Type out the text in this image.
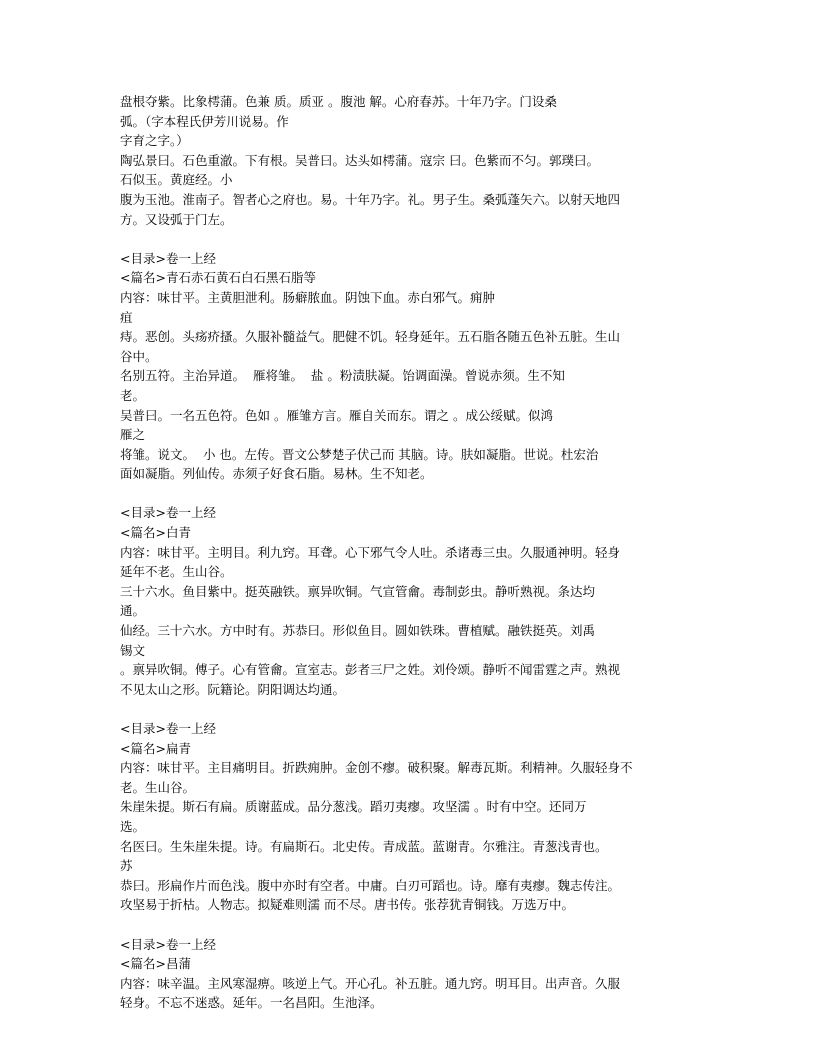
盘根夺紫。比象樗蒲。色兼 质。质亚 。腹池 解。心府春苏。十年乃字。门设桑
弧。（字本程氏伊芳川说易。作
字育之字。）
陶弘景曰。石色重澈。下有根。吴普曰。达头如樗蒲。寇宗 曰。色紫而不匀。郭璞曰。
石似玉。黄庭经。小
腹为玉池。淮南子。智者心之府也。易。十年乃字。礼。男子生。桑弧蓬矢六。以射天地四
方。又设弧于门左。
<目录>卷一上经
<篇名>青石赤石黄石白石黑石脂等
内容：味甘平。主黄胆泄利。肠癖脓血。阴蚀下血。赤白邪气。痈肿
疽
痔。恶创。头疡疥搔。久服补髓益气。肥健不饥。轻身延年。五石脂各随五色补五脏。生山
谷中。
名别五符。主治异道。  雁将雏。  盐 。粉渍肤凝。饴调面澡。曾说赤须。生不知
老。
吴普曰。一名五色符。色如 。雁雏方言。雁自关而东。谓之 。成公绥赋。似鸿
雁之
将雏。说文。  小 也。左传。晋文公梦楚子伏己而 其脑。诗。肤如凝脂。世说。杜宏治
面如凝脂。列仙传。赤须子好食石脂。易林。生不知老。
<目录>卷一上经
<篇名>白青
内容：味甘平。主明目。利九窍。耳聋。心下邪气令人吐。杀诸毒三虫。久服通神明。轻身
延年不老。生山谷。
三十六水。鱼目紫中。挺英融铁。禀异吹铜。气宣管龠。毒制彭虫。静听熟视。条达均
通。
仙经。三十六水。方中时有。苏恭曰。形似鱼目。圆如铁珠。曹植赋。融铁挺英。刘禹
锡文
。禀异吹铜。傅子。心有管龠。宣室志。彭者三尸之姓。刘伶颂。静听不闻雷霆之声。熟视
不见太山之形。阮籍论。阴阳调达均通。
<目录>卷一上经
<篇名>扁青
内容：味甘平。主目痛明目。折跌痈肿。金创不瘳。破积聚。解毒瓦斯。利精神。久服轻身不
老。生山谷。
朱崖朱提。斯石有扁。质谢蓝成。品分葱浅。蹈刃夷瘳。攻坚濡 。时有中空。还同万
选。
名医曰。生朱崖朱提。诗。有扁斯石。北史传。青成蓝。蓝谢青。尔雅注。青葱浅青也。
苏
恭曰。形扁作片而色浅。腹中亦时有空者。中庸。白刃可蹈也。诗。靡有夷瘳。魏志传注。
攻坚易于折枯。人物志。拟疑难则濡 而不尽。唐书传。张荐犹青铜钱。万选万中。
<目录>卷一上经
<篇名>昌蒲
内容：味辛温。主风寒湿痹。咳逆上气。开心孔。补五脏。通九窍。明耳目。出声音。久服
轻身。不忘不迷惑。延年。一名昌阳。生池泽。
